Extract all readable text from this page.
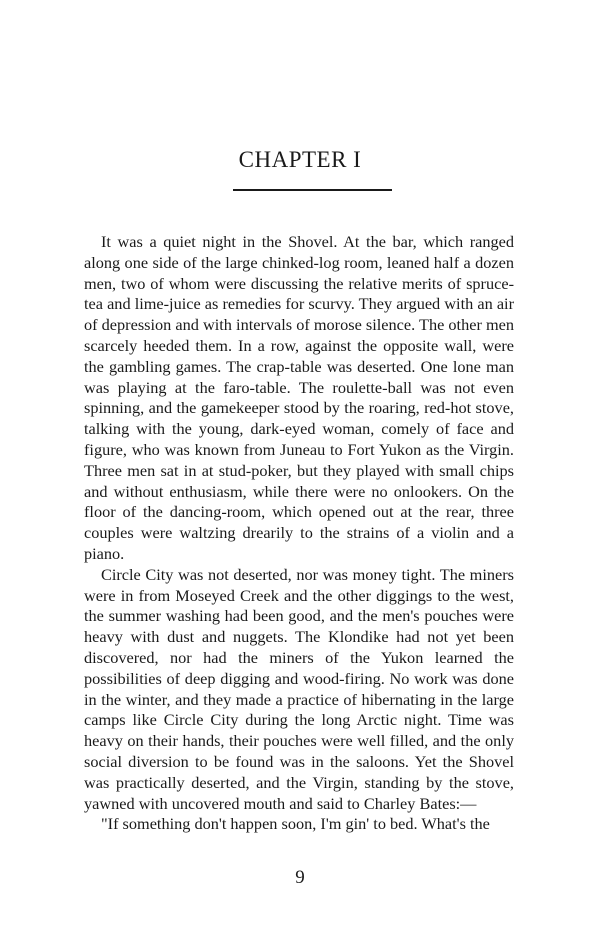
CHAPTER I

It was a quiet night in the Shovel. At the bar, which ranged along one side of the large chinked-log room, leaned half a dozen men, two of whom were discussing the relative merits of spruce-tea and lime-juice as remedies for scurvy. They argued with an air of depression and with intervals of morose silence. The other men scarcely heeded them. In a row, against the opposite wall, were the gambling games. The crap-table was deserted. One lone man was playing at the faro-table. The roulette-ball was not even spinning, and the gamekeeper stood by the roaring, red-hot stove, talking with the young, dark-eyed woman, comely of face and figure, who was known from Juneau to Fort Yukon as the Virgin. Three men sat in at stud-poker, but they played with small chips and without enthusiasm, while there were no onlookers. On the floor of the dancing-room, which opened out at the rear, three couples were waltzing drearily to the strains of a violin and a piano.

Circle City was not deserted, nor was money tight. The miners were in from Moseyed Creek and the other diggings to the west, the summer washing had been good, and the men's pouches were heavy with dust and nuggets. The Klondike had not yet been discovered, nor had the miners of the Yukon learned the possibilities of deep digging and wood-firing. No work was done in the winter, and they made a practice of hibernating in the large camps like Circle City during the long Arctic night. Time was heavy on their hands, their pouches were well filled, and the only social diversion to be found was in the saloons. Yet the Shovel was practically deserted, and the Virgin, standing by the stove, yawned with uncovered mouth and said to Charley Bates:—

"If something don't happen soon, I'm gin' to bed. What's the

9
